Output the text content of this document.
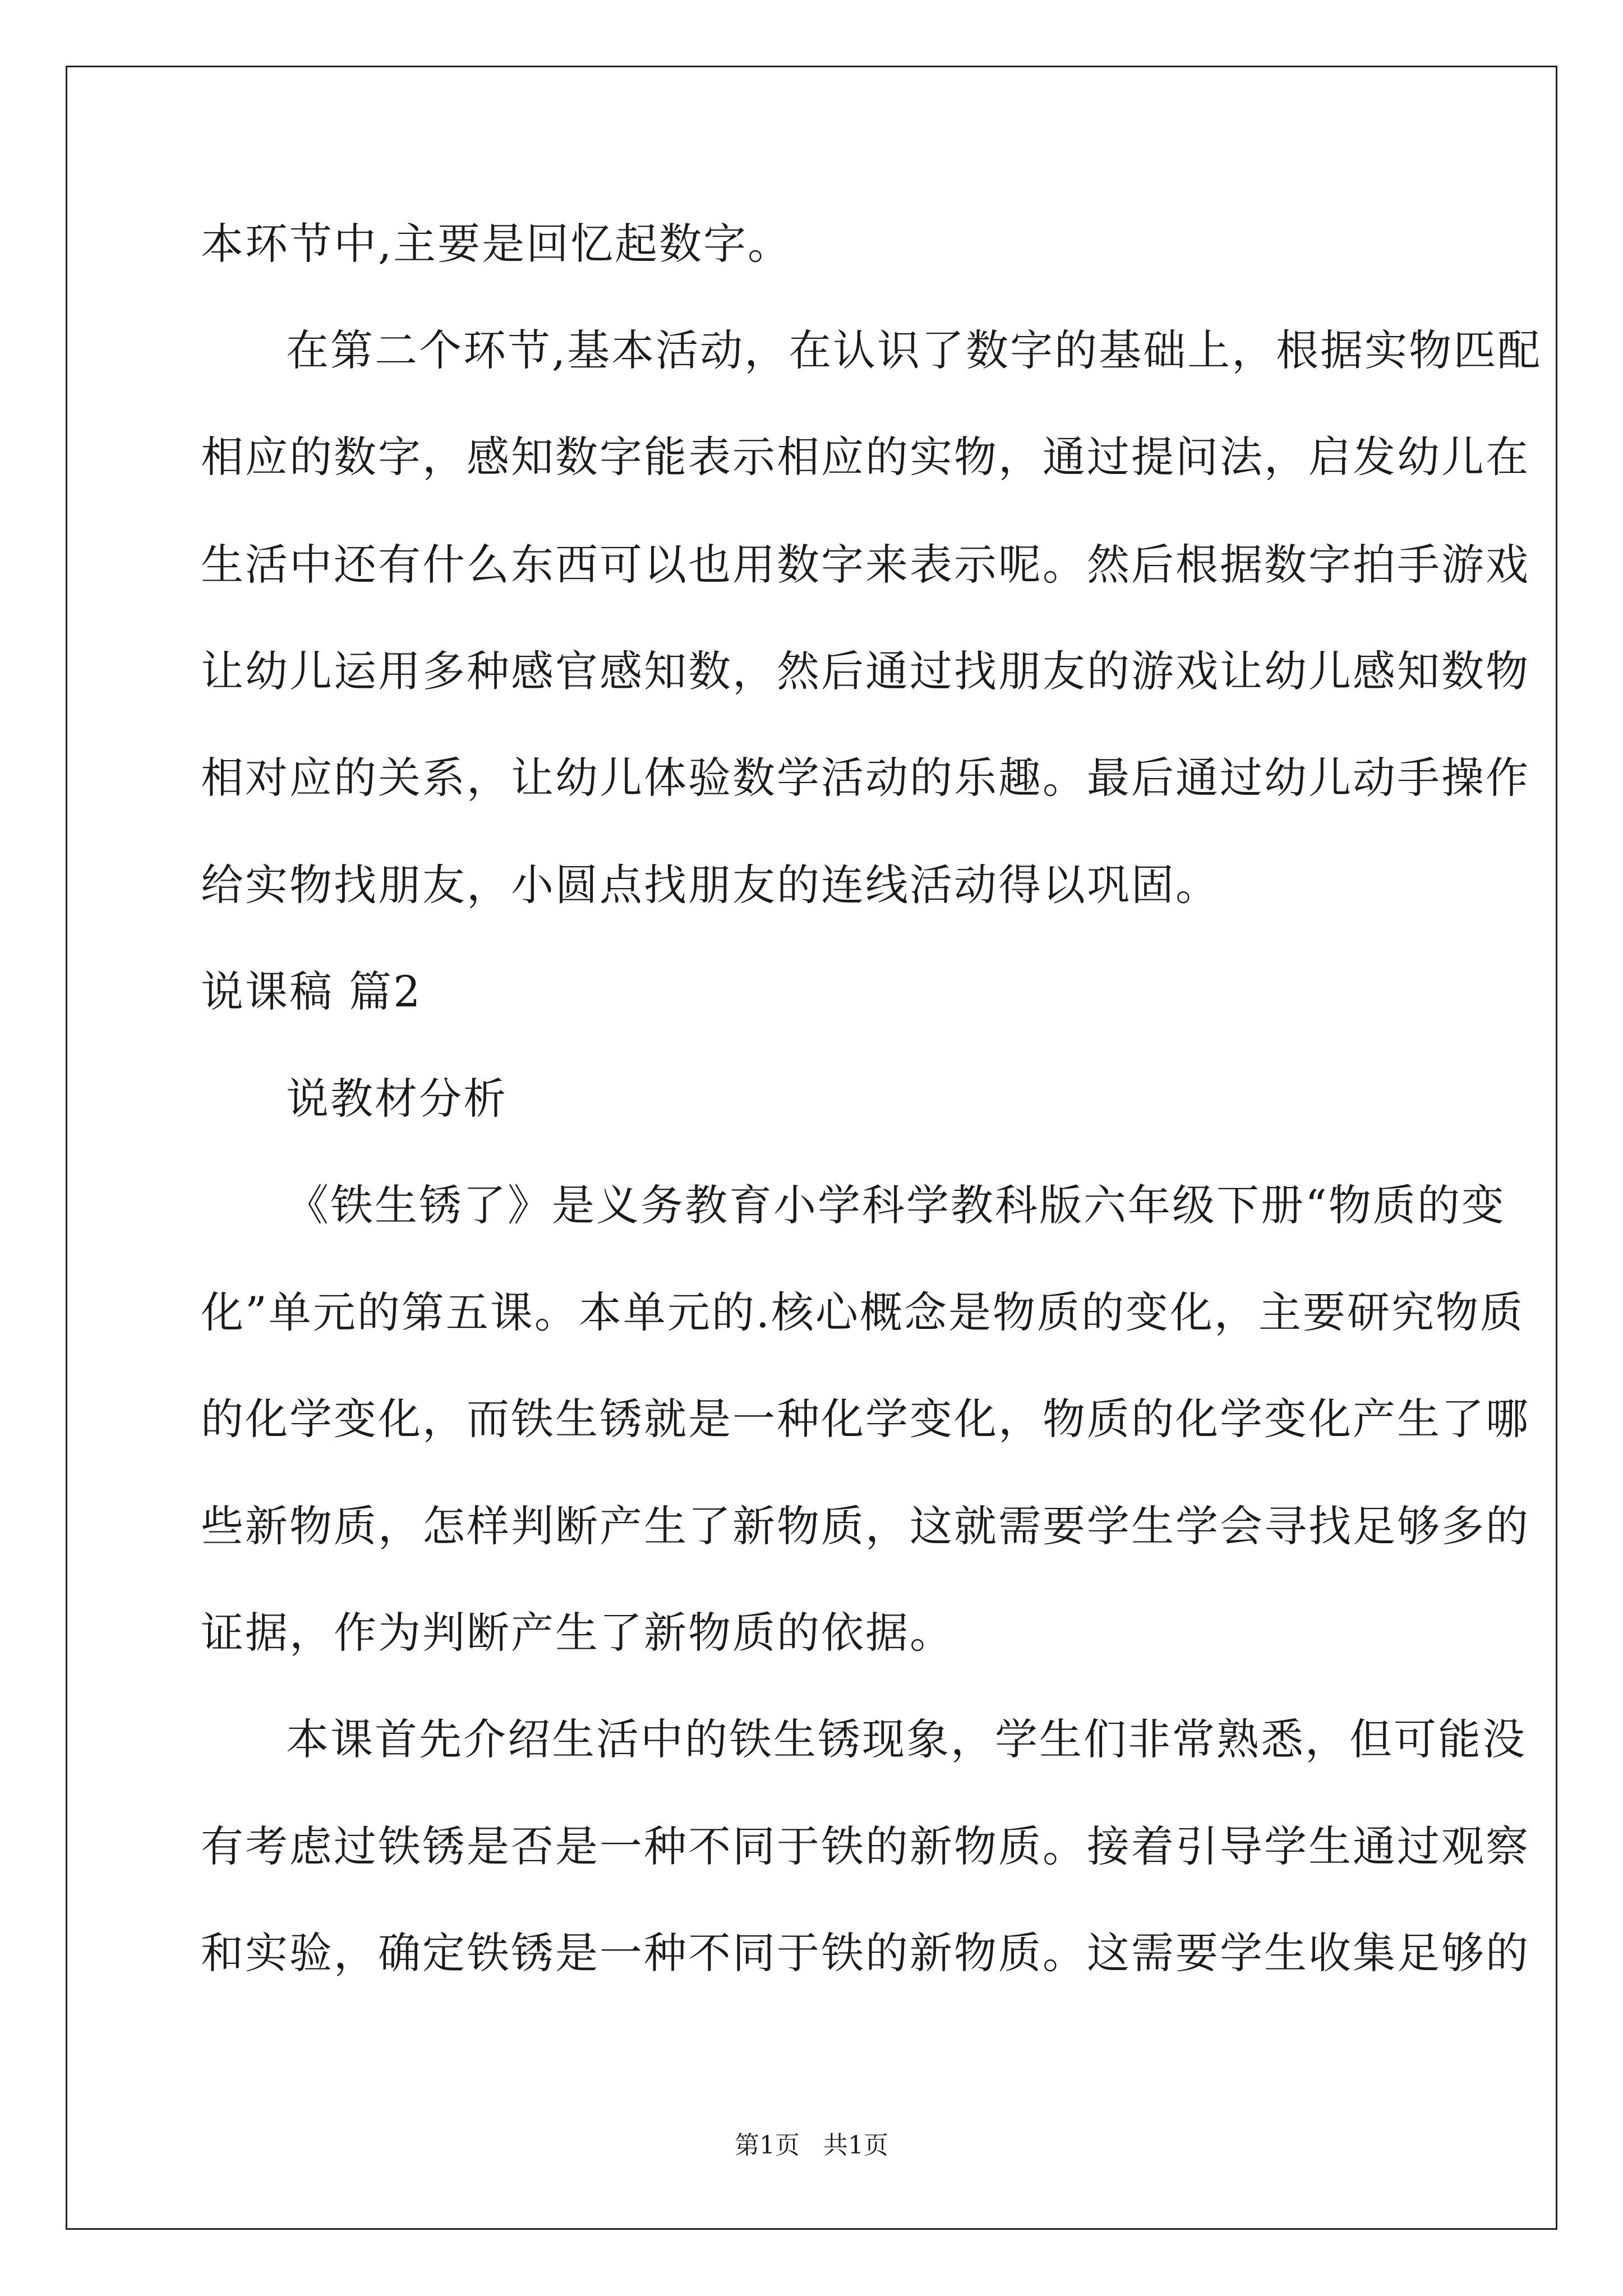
本环节中,主要是回忆起数字。
在第二个环节,基本活动，在认识了数字的基础上，根据实物匹配
相应的数字，感知数字能表示相应的实物，通过提问法，启发幼儿在
生活中还有什么东西可以也用数字来表示呢。然后根据数字拍手游戏
让幼儿运用多种感官感知数，然后通过找朋友的游戏让幼儿感知数物
相对应的关系，让幼儿体验数学活动的乐趣。最后通过幼儿动手操作
给实物找朋友，小圆点找朋友的连线活动得以巩固。
说课稿 篇2
说教材分析
《铁生锈了》是义务教育小学科学教科版六年级下册“物质的变
化”单元的第五课。本单元的.核心概念是物质的变化，主要研究物质
的化学变化，而铁生锈就是一种化学变化，物质的化学变化产生了哪
些新物质，怎样判断产生了新物质，这就需要学生学会寻找足够多的
证据，作为判断产生了新物质的依据。
本课首先介绍生活中的铁生锈现象，学生们非常熟悉，但可能没
有考虑过铁锈是否是一种不同于铁的新物质。接着引导学生通过观察
和实验，确定铁锈是一种不同于铁的新物质。这需要学生收集足够的
第1页 共1页
